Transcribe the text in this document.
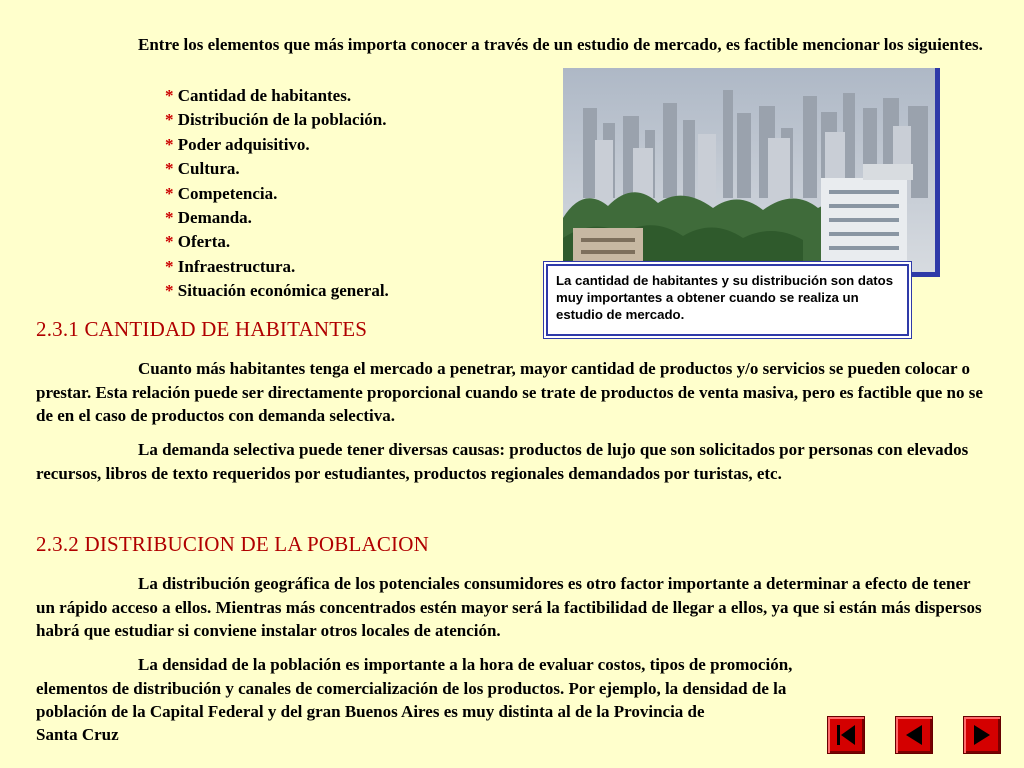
Entre los elementos que más importa conocer a través de un estudio de mercado, es factible mencionar los siguientes.

* Cantidad de habitantes.
* Distribución de la población.
* Poder adquisitivo.
* Cultura.
* Competencia.
* Demanda.
* Oferta.
* Infraestructura.
* Situación económica general.
La cantidad de habitantes y su distribución son datos muy importantes a obtener cuando se realiza un estudio de mercado.
2.3.1 CANTIDAD DE HABITANTES

Cuanto más habitantes tenga el mercado a penetrar, mayor cantidad de productos y/o servicios se pueden colocar o prestar. Esta relación puede ser directamente proporcional cuando se trate de productos de venta masiva, pero es factible que no se de en el caso de productos con demanda selectiva.

La demanda selectiva puede tener diversas causas: productos de lujo que son solicitados por personas con elevados recursos, libros de texto requeridos por estudiantes, productos regionales demandados por turistas, etc.

2.3.2 DISTRIBUCION DE LA POBLACION

La distribución geográfica de los potenciales consumidores es otro factor importante a determinar a efecto de tener un rápido acceso a ellos. Mientras más concentrados estén mayor será la factibilidad de llegar a ellos, ya que si están más dispersos habrá que estudiar si conviene instalar otros locales de atención.

La densidad de la población es importante a la hora de evaluar costos, tipos de promoción, elementos de distribución y canales de comercialización de los productos. Por ejemplo, la densidad de la población de la Capital Federal y del gran Buenos Aires es muy distinta al de la Provincia de

Santa Cruz
